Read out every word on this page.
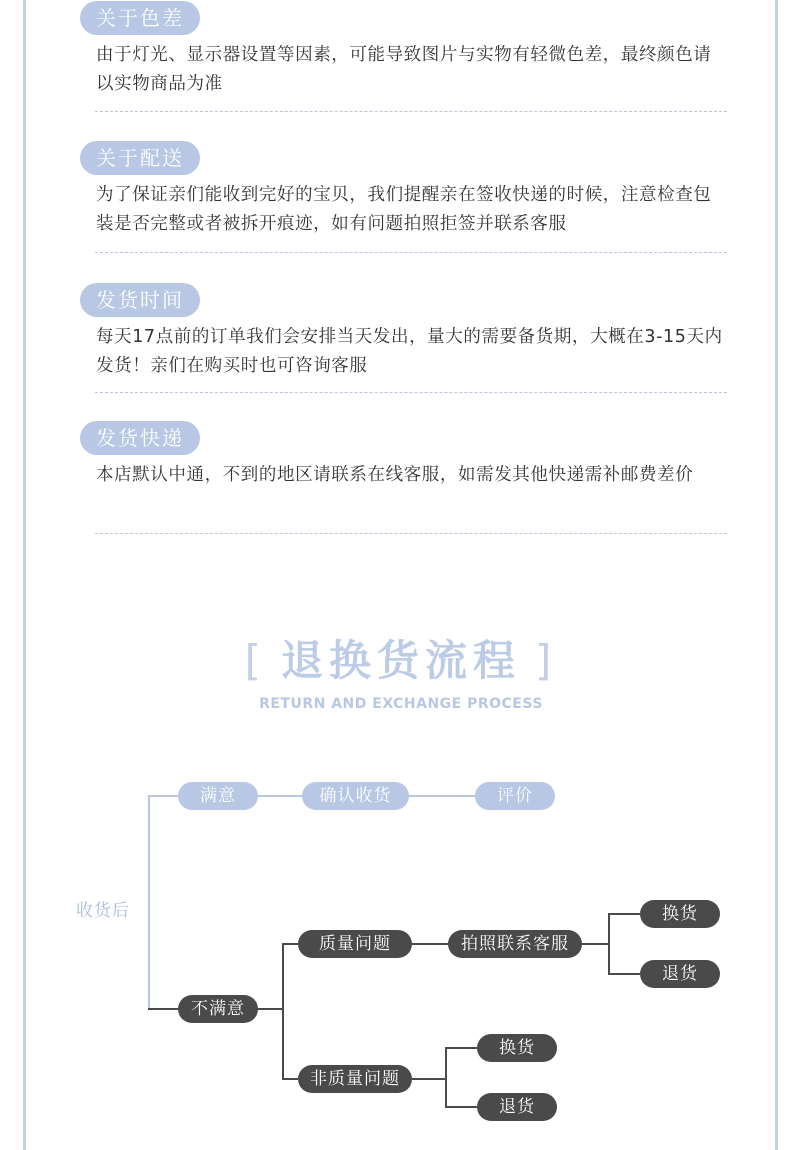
关于色差
由于灯光、显示器设置等因素，可能导致图片与实物有轻微色差，最终颜色请以实物商品为准
关于配送
为了保证亲们能收到完好的宝贝，我们提醒亲在签收快递的时候，注意检查包装是否完整或者被拆开痕迹，如有问题拍照拒签并联系客服
发货时间
每天17点前的订单我们会安排当天发出，量大的需要备货期，大概在3-15天内发货！亲们在购买时也可咨询客服
发货快递
本店默认中通，不到的地区请联系在线客服，如需发其他快递需补邮费差价
[ 退换货流程 ]
RETURN AND EXCHANGE PROCESS
收货后
满意	确认收货	评价
不满意
质量问题	拍照联系客服
换货
退货
非质量问题
换货
退货
